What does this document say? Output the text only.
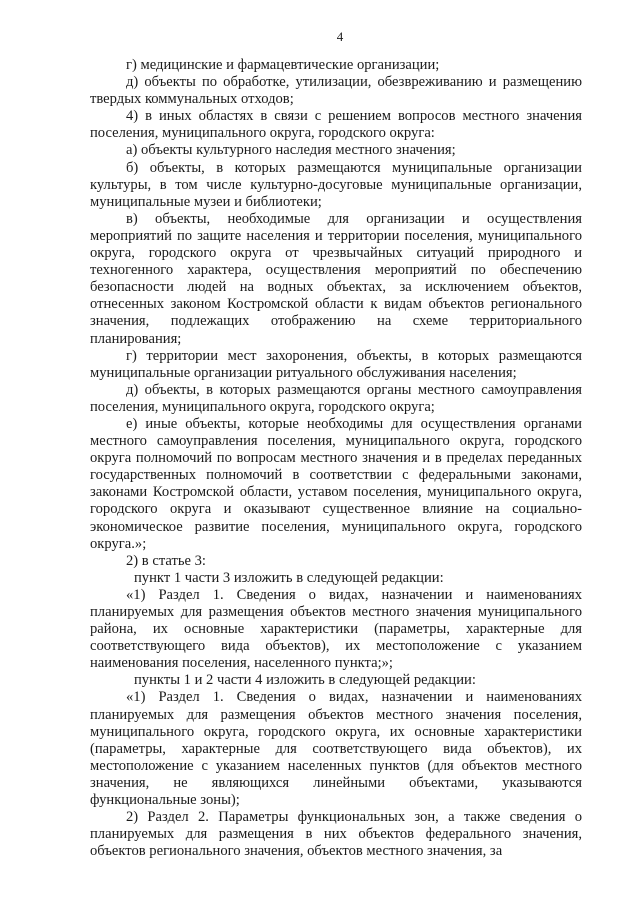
4

г) медицинские и фармацевтические организации;

д) объекты по обработке, утилизации, обезвреживанию и размещению твердых коммунальных отходов;

4) в иных областях в связи с решением вопросов местного значения поселения, муниципального округа, городского округа:

а) объекты культурного наследия местного значения;

б) объекты, в которых размещаются муниципальные организации культуры, в том числе культурно-досуговые муниципальные организации, муниципальные музеи и библиотеки;

в) объекты, необходимые для организации и осуществления мероприятий по защите населения и территории поселения, муниципального округа, городского округа от чрезвычайных ситуаций природного и техногенного характера, осуществления мероприятий по обеспечению безопасности людей на водных объектах, за исключением объектов, отнесенных законом Костромской области к видам объектов регионального значения, подлежащих отображению на схеме территориального планирования;

г) территории мест захоронения, объекты, в которых размещаются муниципальные организации ритуального обслуживания населения;

д) объекты, в которых размещаются органы местного самоуправления поселения, муниципального округа, городского округа;

е) иные объекты, которые необходимы для осуществления органами местного самоуправления поселения, муниципального округа, городского округа полномочий по вопросам местного значения и в пределах переданных государственных полномочий в соответствии с федеральными законами, законами Костромской области, уставом поселения, муниципального округа, городского округа и оказывают существенное влияние на социально-экономическое развитие поселения, муниципального округа, городского округа.»;

2) в статье 3:

пункт 1 части 3 изложить в следующей редакции:

«1) Раздел 1. Сведения о видах, назначении и наименованиях планируемых для размещения объектов местного значения муниципального района, их основные характеристики (параметры, характерные для соответствующего вида объектов), их местоположение с указанием наименования поселения, населенного пункта;»;

пункты 1 и 2 части 4 изложить в следующей редакции:

«1) Раздел 1. Сведения о видах, назначении и наименованиях планируемых для размещения объектов местного значения поселения, муниципального округа, городского округа, их основные характеристики (параметры, характерные для соответствующего вида объектов), их местоположение с указанием населенных пунктов (для объектов местного значения, не являющихся линейными объектами, указываются функциональные зоны);

2) Раздел 2. Параметры функциональных зон, а также сведения о планируемых для размещения в них объектов федерального значения, объектов регионального значения, объектов местного значения, за
